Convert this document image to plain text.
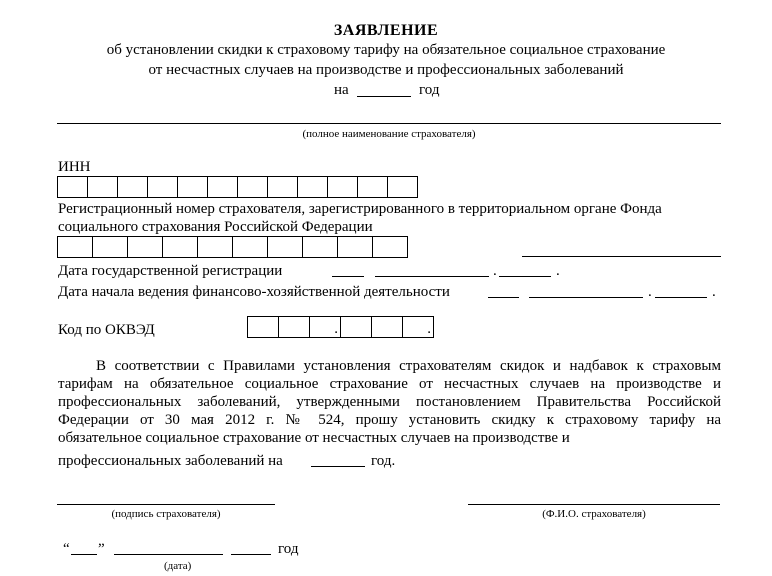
ЗАЯВЛЕНИЕ
об установлении скидки к страховому тарифу на обязательное социальное страхование
от несчастных случаев на производстве и профессиональных заболеваний
на	год
(полное наименование страхователя)
ИНН
Регистрационный номер страхователя, зарегистрированного в территориальном органе Фонда
социального страхования Российской Федерации
Дата государственной регистрации	.	.
Дата начала ведения финансово-хозяйственной деятельности	.	.
Код по ОКВЭД
.
.
В соответствии с Правилами установления страхователям скидок и надбавок к страховым
тарифам на обязательное социальное страхование от несчастных случаев на производстве и
профессиональных заболеваний, утвержденными постановлением Правительства Российской
Федерации от 30 мая 2012 г. № 524, прошу установить скидку к страховому тарифу на
обязательное социальное страхование от несчастных случаев на производстве и
профессиональных заболеваний на	год.
(подпись страхователя)	(Ф.И.О. страхователя)
“ ”	год
(дата)
